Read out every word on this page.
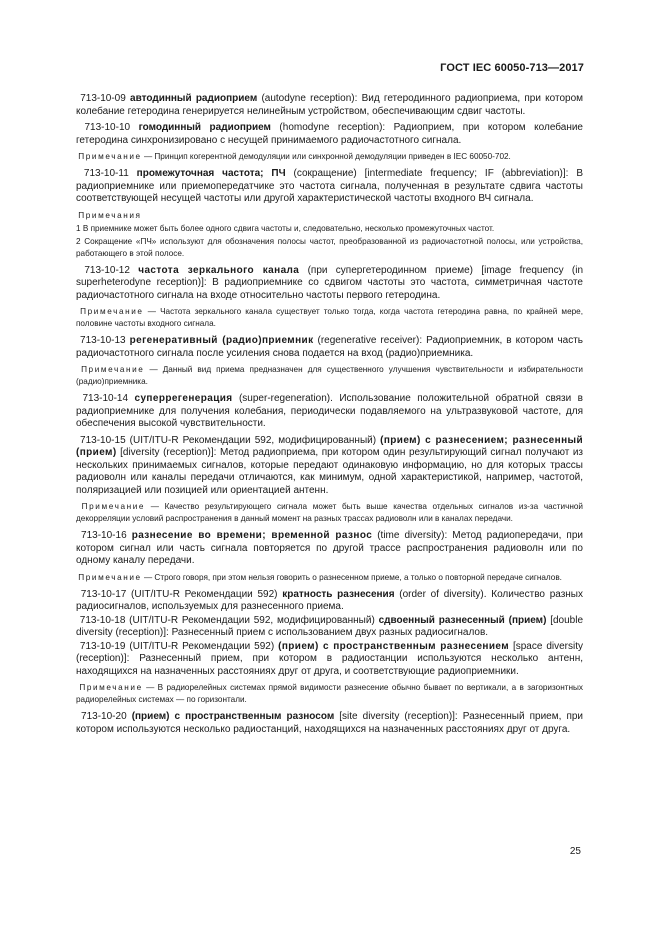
ГОСТ IEC 60050-713—2017

713-10-09 автодинный радиоприем (autodyne reception): Вид гетеродинного радиоприема, при котором колебание гетеродина генерируется нелинейным устройством, обеспечивающим сдвиг частоты.

713-10-10 гомодинный радиоприем (homodyne reception): Радиоприем, при котором колебание гетеродина синхронизировано с несущей принимаемого радиочастотного сигнала.

Примечание — Принцип когерентной демодуляции или синхронной демодуляции приведен в IEC 60050-702.

713-10-11 промежуточная частота; ПЧ (сокращение) [intermediate frequency; IF (abbreviation)]: В радиоприемнике или приемопередатчике это частота сигнала, полученная в результате сдвига частоты соответствующей несущей частоты или другой характеристической частоты входного ВЧ сигнала.

Примечания

1 В приемнике может быть более одного сдвига частоты и, следовательно, несколько промежуточных частот.

2 Сокращение «ПЧ» используют для обозначения полосы частот, преобразованной из радиочастотной полосы, или устройства, работающего в этой полосе.

713-10-12 частота зеркального канала (при супергетеродинном приеме) [image frequency (in superheterodyne reception)]: В радиоприемнике со сдвигом частоты это частота, симметричная частоте радиочастотного сигнала на входе относительно частоты первого гетеродина.

Примечание — Частота зеркального канала существует только тогда, когда частота гетеродина равна, по крайней мере, половине частоты входного сигнала.

713-10-13 регенеративный (радио)приемник (regenerative receiver): Радиоприемник, в котором часть радиочастотного сигнала после усиления снова подается на вход (радио)приемника.

Примечание — Данный вид приема предназначен для существенного улучшения чувствительности и избирательности (радио)приемника.

713-10-14 суперрегенерация (super-regeneration). Использование положительной обратной связи в радиоприемнике для получения колебания, периодически подавляемого на ультразвуковой частоте, для обеспечения высокой чувствительности.

713-10-15 (UIT/ITU-R Рекомендации 592, модифицированный) (прием) с разнесением; разнесенный (прием) [diversity (reception)]: Метод радиоприема, при котором один результирующий сигнал получают из нескольких принимаемых сигналов, которые передают одинаковую информацию, но для которых трассы радиоволн или каналы передачи отличаются, как минимум, одной характеристикой, например, частотой, поляризацией или позицией или ориентацией антенн.

Примечание — Качество результирующего сигнала может быть выше качества отдельных сигналов из-за частичной декорреляции условий распространения в данный момент на разных трассах радиоволн или в каналах передачи.

713-10-16 разнесение во времени; временной разнос (time diversity): Метод радиопередачи, при котором сигнал или часть сигнала повторяется по другой трассе распространения радиоволн или по одному каналу передачи.

Примечание — Строго говоря, при этом нельзя говорить о разнесенном приеме, а только о повторной передаче сигналов.

713-10-17 (UIT/ITU-R Рекомендации 592) кратность разнесения (order of diversity). Количество разных радиосигналов, используемых для разнесенного приема.

713-10-18 (UIT/ITU-R Рекомендации 592, модифицированный) сдвоенный разнесенный (прием) [double diversity (reception)]: Разнесенный прием с использованием двух разных радиосигналов.

713-10-19 (UIT/ITU-R Рекомендации 592) (прием) с пространственным разнесением [space diversity (reception)]: Разнесенный прием, при котором в радиостанции используются несколько антенн, находящихся на назначенных расстояниях друг от друга, и соответствующие радиоприемники.

Примечание — В радиорелейных системах прямой видимости разнесение обычно бывает по вертикали, а в загоризонтных радиорелейных системах — по горизонтали.

713-10-20 (прием) с пространственным разносом [site diversity (reception)]: Разнесенный прием, при котором используются несколько радиостанций, находящихся на назначенных расстояниях друг от друга.

25
